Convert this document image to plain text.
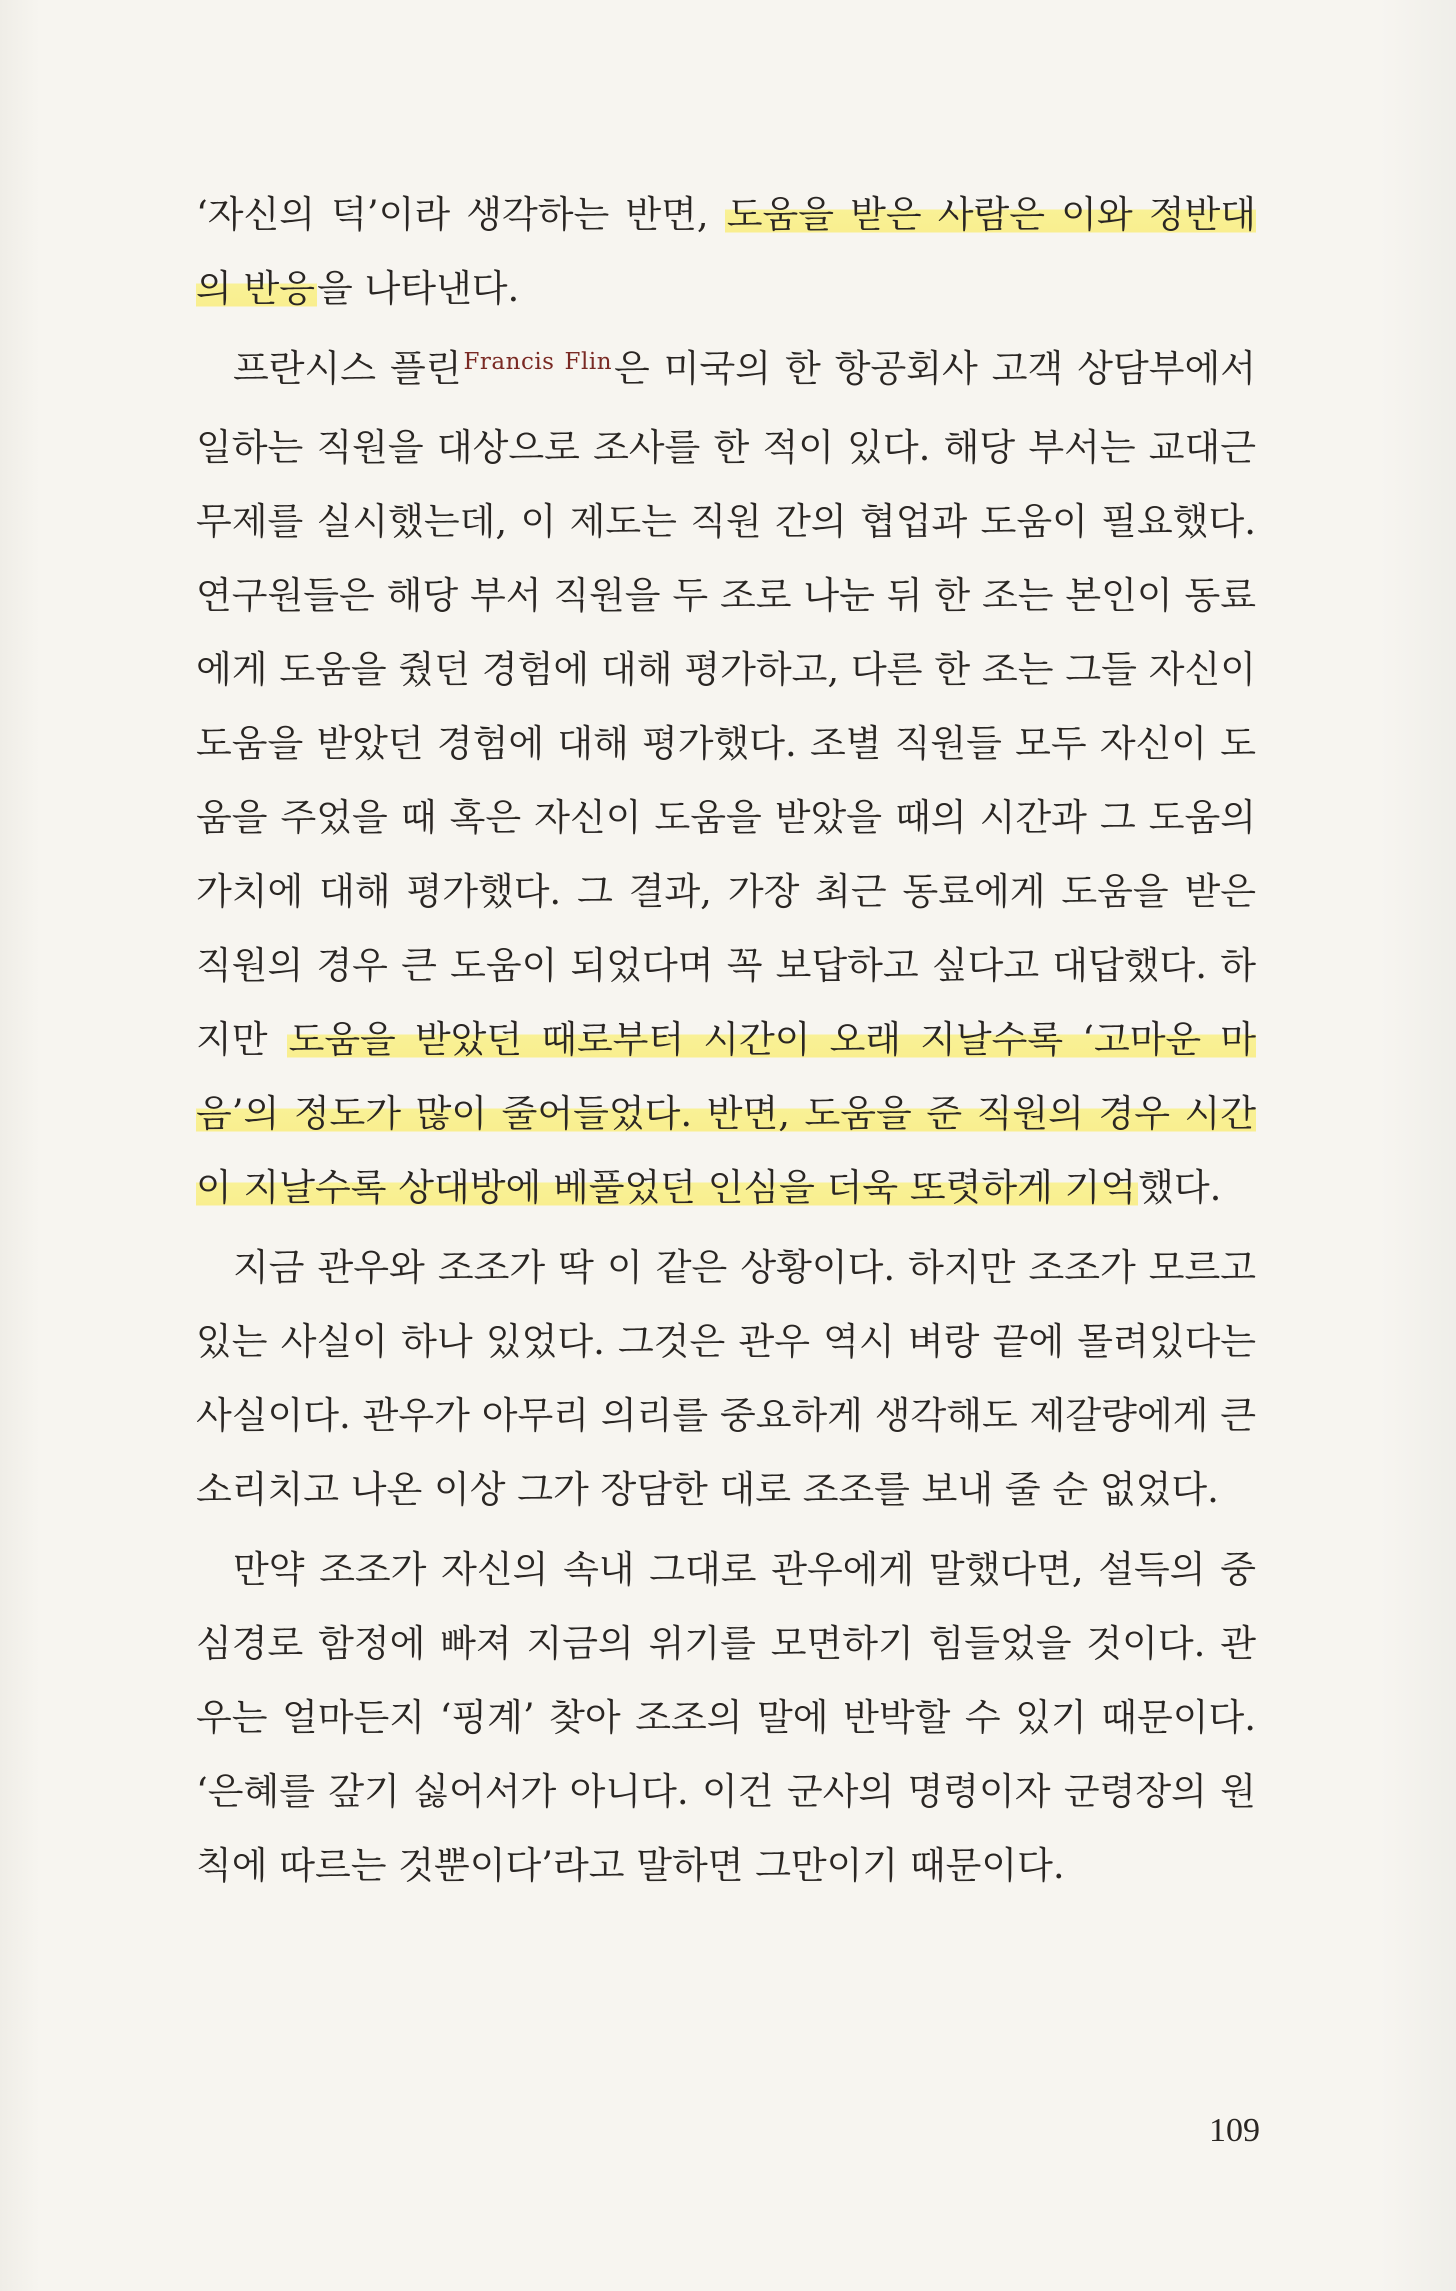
‘자신의 덕’이라 생각하는 반면, 도움을 받은 사람은 이와 정반대의 반응을 나타낸다.

프란시스 플린$^{Francis Flin}$은 미국의 한 항공회사 고객 상담부에서 일하는 직원을 대상으로 조사를 한 적이 있다. 해당 부서는 교대근무제를 실시했는데, 이 제도는 직원 간의 협업과 도움이 필요했다. 연구원들은 해당 부서 직원을 두 조로 나눈 뒤 한 조는 본인이 동료에게 도움을 줬던 경험에 대해 평가하고, 다른 한 조는 그들 자신이 도움을 받았던 경험에 대해 평가했다. 조별 직원들 모두 자신이 도움을 주었을 때 혹은 자신이 도움을 받았을 때의 시간과 그 도움의 가치에 대해 평가했다. 그 결과, 가장 최근 동료에게 도움을 받은 직원의 경우 큰 도움이 되었다며 꼭 보답하고 싶다고 대답했다. 하지만 도움을 받았던 때로부터 시간이 오래 지날수록 ‘고마운 마음’의 정도가 많이 줄어들었다. 반면, 도움을 준 직원의 경우 시간이 지날수록 상대방에 베풀었던 인심을 더욱 또렷하게 기억했다.

지금 관우와 조조가 딱 이 같은 상황이다. 하지만 조조가 모르고 있는 사실이 하나 있었다. 그것은 관우 역시 벼랑 끝에 몰려있다는 사실이다. 관우가 아무리 의리를 중요하게 생각해도 제갈량에게 큰 소리치고 나온 이상 그가 장담한 대로 조조를 보내 줄 순 없었다.

만약 조조가 자신의 속내 그대로 관우에게 말했다면, 설득의 중심경로 함정에 빠져 지금의 위기를 모면하기 힘들었을 것이다. 관우는 얼마든지 ‘핑계’ 찾아 조조의 말에 반박할 수 있기 때문이다. ‘은혜를 갚기 싫어서가 아니다. 이건 군사의 명령이자 군령장의 원칙에 따르는 것뿐이다’라고 말하면 그만이기 때문이다.

109
